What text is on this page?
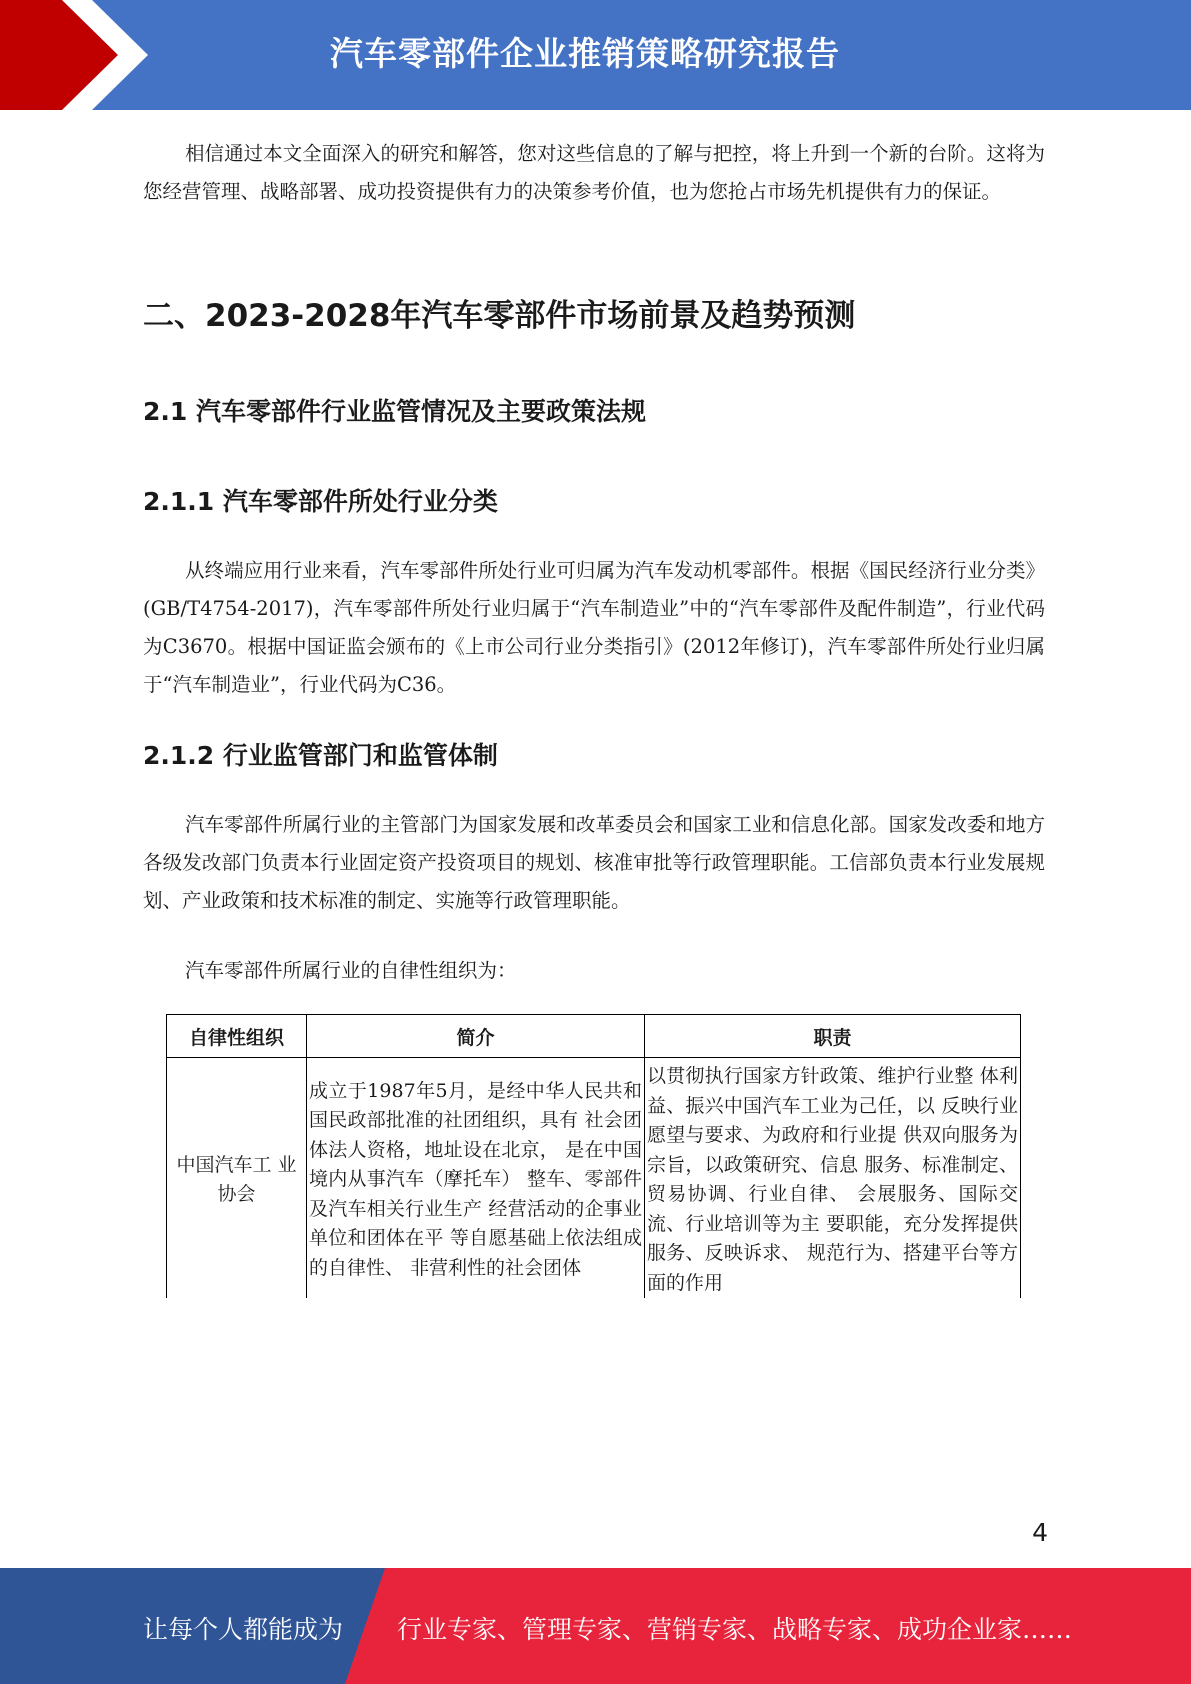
汽车零部件企业推销策略研究报告
相信通过本文全面深入的研究和解答，您对这些信息的了解与把控，将上升到一个新的台阶。这将为您经营管理、战略部署、成功投资提供有力的决策参考价值，也为您抢占市场先机提供有力的保证。
二、2023-2028年汽车零部件市场前景及趋势预测
2.1 汽车零部件行业监管情况及主要政策法规
2.1.1 汽车零部件所处行业分类
从终端应用行业来看，汽车零部件所处行业可归属为汽车发动机零部件。根据《国民经济行业分类》(GB/T4754-2017)，汽车零部件所处行业归属于“汽车制造业”中的“汽车零部件及配件制造”，行业代码为C3670。根据中国证监会颁布的《上市公司行业分类指引》(2012年修订)，汽车零部件所处行业归属于“汽车制造业”，行业代码为C36。
2.1.2 行业监管部门和监管体制
汽车零部件所属行业的主管部门为国家发展和改革委员会和国家工业和信息化部。国家发改委和地方各级发改部门负责本行业固定资产投资项目的规划、核准审批等行政管理职能。工信部负责本行业发展规划、产业政策和技术标准的制定、实施等行政管理职能。
汽车零部件所属行业的自律性组织为：
自律性组织	简介	职责
中国汽车工 业协会	成立于1987年5月，是经中华人民共和国民政部批准的社团组织，具有 社会团体法人资格，地址设在北京， 是在中国境内从事汽车（摩托车） 整车、零部件及汽车相关行业生产 经营活动的企事业单位和团体在平 等自愿基础上依法组成的自律性、 非营利性的社会团体	以贯彻执行国家方针政策、维护行业整 体利益、振兴中国汽车工业为己任，以 反映行业愿望与要求、为政府和行业提 供双向服务为宗旨，以政策研究、信息 服务、标准制定、贸易协调、行业自律、 会展服务、国际交流、行业培训等为主 要职能，充分发挥提供服务、反映诉求、 规范行为、搭建平台等方面的作用
4
让每个人都能成为 行业专家、管理专家、营销专家、战略专家、成功企业家……
